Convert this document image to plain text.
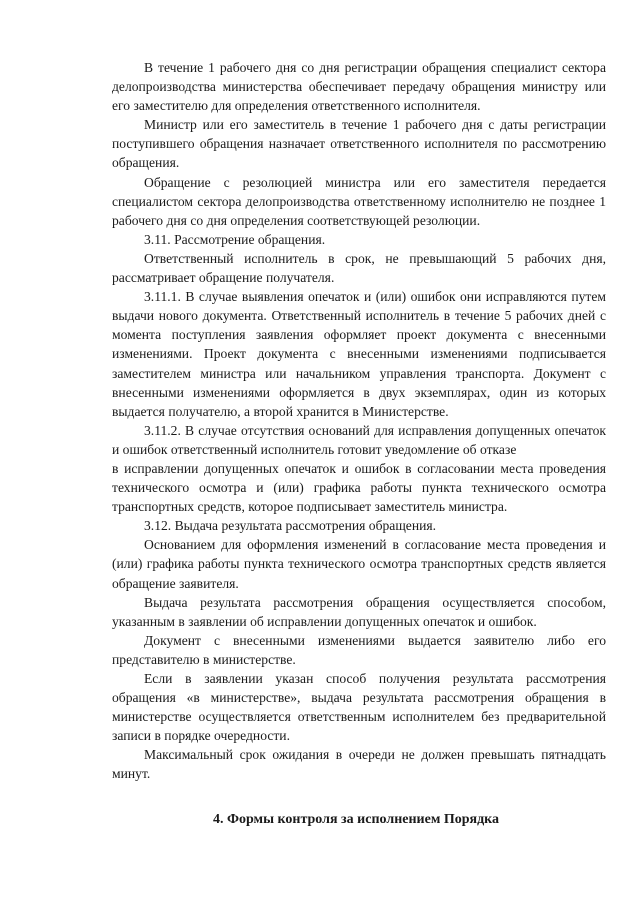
В течение 1 рабочего дня со дня регистрации обращения специалист сектора делопроизводства министерства обеспечивает передачу обращения министру или его заместителю для определения ответственного исполнителя.

Министр или его заместитель в течение 1 рабочего дня с даты регистрации поступившего обращения назначает ответственного исполнителя по рассмотрению обращения.

Обращение с резолюцией министра или его заместителя передается специалистом сектора делопроизводства ответственному исполнителю не позднее 1 рабочего дня со дня определения соответствующей резолюции.

3.11. Рассмотрение обращения.

Ответственный исполнитель в срок, не превышающий 5 рабочих дня, рассматривает обращение получателя.

3.11.1. В случае выявления опечаток и (или) ошибок они исправляются путем выдачи нового документа. Ответственный исполнитель в течение 5 рабочих дней с момента поступления заявления оформляет проект документа с внесенными изменениями. Проект документа с внесенными изменениями подписывается заместителем министра или начальником управления транспорта. Документ с внесенными изменениями оформляется в двух экземплярах, один из которых выдается получателю, а второй хранится в Министерстве.

3.11.2. В случае отсутствия оснований для исправления допущенных опечаток и ошибок ответственный исполнитель готовит уведомление об отказе

в исправлении допущенных опечаток и ошибок в согласовании места проведения технического осмотра и (или) графика работы пункта технического осмотра транспортных средств, которое подписывает заместитель министра.

3.12. Выдача результата рассмотрения обращения.

Основанием для оформления изменений в согласование места проведения и (или) графика работы пункта технического осмотра транспортных средств является обращение заявителя.

Выдача результата рассмотрения обращения осуществляется способом, указанным в заявлении об исправлении допущенных опечаток и ошибок.

Документ с внесенными изменениями выдается заявителю либо его представителю в министерстве.

Если в заявлении указан способ получения результата рассмотрения обращения «в министерстве», выдача результата рассмотрения обращения в министерстве осуществляется ответственным исполнителем без предварительной записи в порядке очередности.

Максимальный срок ожидания в очереди не должен превышать пятнадцать минут.

4. Формы контроля за исполнением Порядка
